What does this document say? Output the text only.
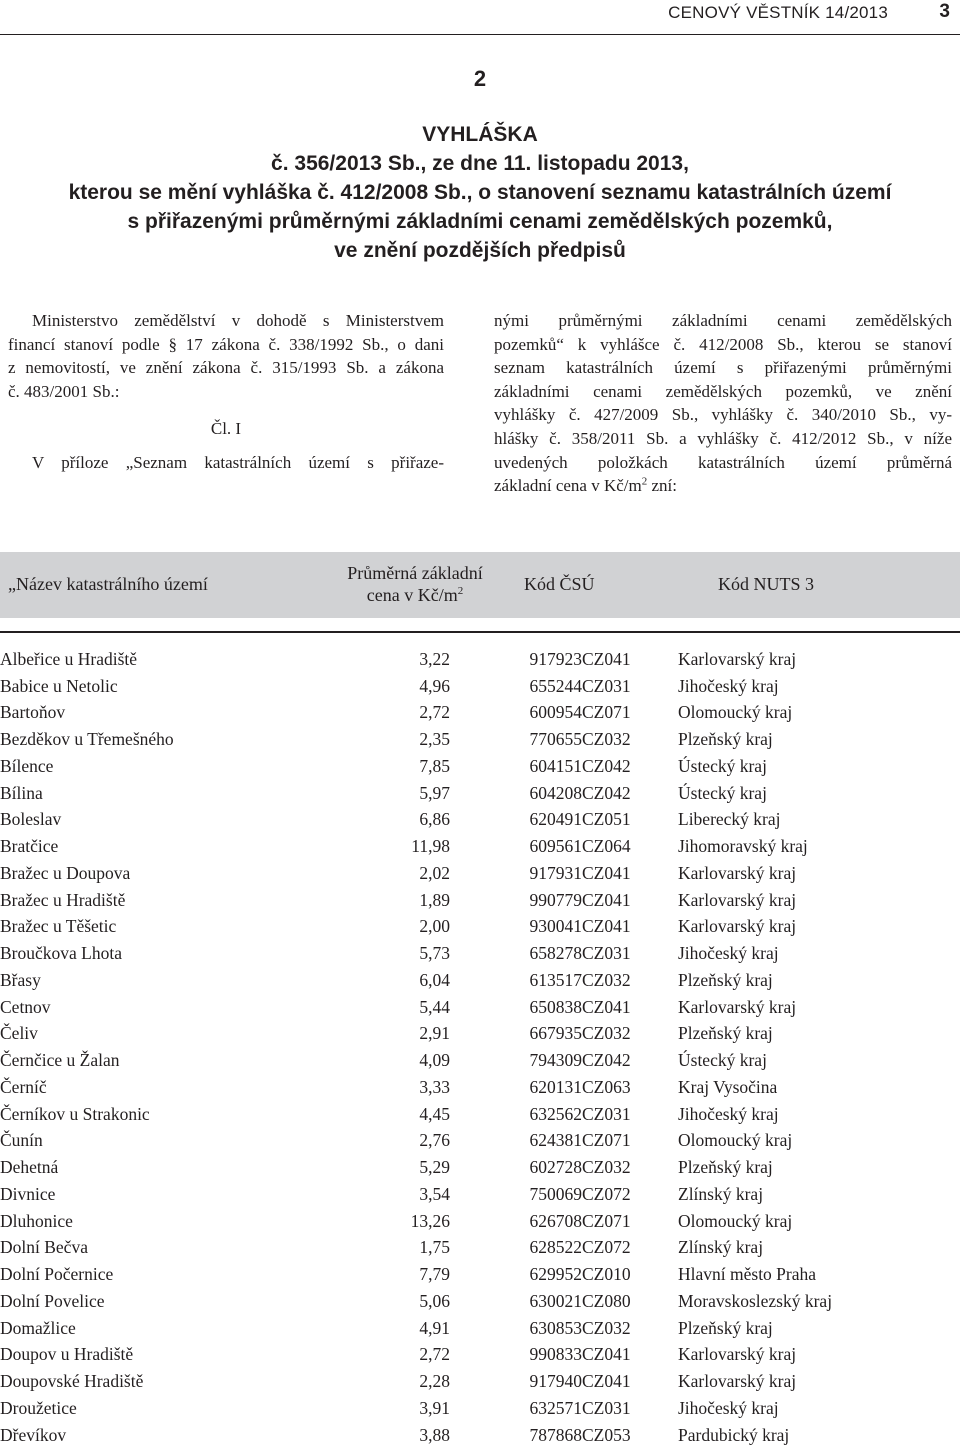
CENOVÝ VĚSTNÍK 14/2013	3
2
VYHLÁŠKA
č. 356/2013 Sb., ze dne 11. listopadu 2013,
kterou se mění vyhláška č. 412/2008 Sb., o stanovení seznamu katastrálních území
s přiřazenými průměrnými základními cenami zemědělských pozemků,
ve znění pozdějších předpisů
Ministerstvo zemědělství v dohodě s Ministerstvem
financí stanoví podle § 17 zákona č. 338/1992 Sb., o dani
z nemovitostí, ve znění zákona č. 315/1993 Sb. a zákona
č. 483/2001 Sb.:
Čl. I
V příloze „Seznam katastrálních území s přiřaze-
nými průměrnými základními cenami zemědělských
pozemků“ k vyhlášce č. 412/2008 Sb., kterou se stanoví
seznam katastrálních území s přiřazenými průměrnými
základními cenami zemědělských pozemků, ve znění
vyhlášky č. 427/2009 Sb., vyhlášky č. 340/2010 Sb., vy-
hlášky č. 358/2011 Sb. a vyhlášky č. 412/2012 Sb., v níže
uvedených položkách katastrálních území průměrná
základní cena v $Kč/m^2$ zní:
„Název katastrálního území
Průměrná základní
cena v $Kč/m^2$	Kód ČSÚ	Kód NUTS 3
Albeřice u Hradiště	3,22	917923	CZ041	Karlovarský kraj
Babice u Netolic	4,96	655244	CZ031	Jihočeský kraj
Bartoňov	2,72	600954	CZ071	Olomoucký kraj
Bezděkov u Třemešného	2,35	770655	CZ032	Plzeňský kraj
Bílence	7,85	604151	CZ042	Ústecký kraj
Bílina	5,97	604208	CZ042	Ústecký kraj
Boleslav	6,86	620491	CZ051	Liberecký kraj
Bratčice	11,98	609561	CZ064	Jihomoravský kraj
Bražec u Doupova	2,02	917931	CZ041	Karlovarský kraj
Bražec u Hradiště	1,89	990779	CZ041	Karlovarský kraj
Bražec u Těšetic	2,00	930041	CZ041	Karlovarský kraj
Broučkova Lhota	5,73	658278	CZ031	Jihočeský kraj
Břasy	6,04	613517	CZ032	Plzeňský kraj
Cetnov	5,44	650838	CZ041	Karlovarský kraj
Čeliv	2,91	667935	CZ032	Plzeňský kraj
Černčice u Žalan	4,09	794309	CZ042	Ústecký kraj
Černíč	3,33	620131	CZ063	Kraj Vysočina
Černíkov u Strakonic	4,45	632562	CZ031	Jihočeský kraj
Čunín	2,76	624381	CZ071	Olomoucký kraj
Dehetná	5,29	602728	CZ032	Plzeňský kraj
Divnice	3,54	750069	CZ072	Zlínský kraj
Dluhonice	13,26	626708	CZ071	Olomoucký kraj
Dolní Bečva	1,75	628522	CZ072	Zlínský kraj
Dolní Počernice	7,79	629952	CZ010	Hlavní město Praha
Dolní Povelice	5,06	630021	CZ080	Moravskoslezský kraj
Domažlice	4,91	630853	CZ032	Plzeňský kraj
Doupov u Hradiště	2,72	990833	CZ041	Karlovarský kraj
Doupovské Hradiště	2,28	917940	CZ041	Karlovarský kraj
Droužetice	3,91	632571	CZ031	Jihočeský kraj
Dřevíkov	3,88	787868	CZ053	Pardubický kraj
